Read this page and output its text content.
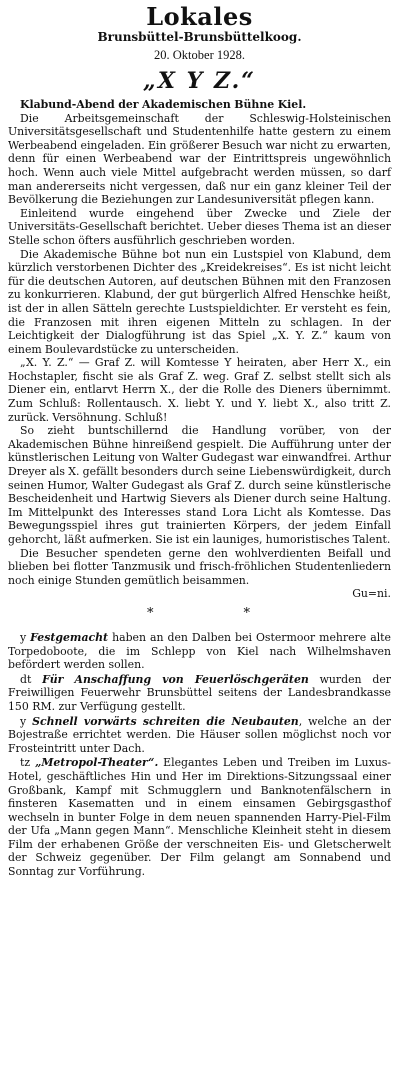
Lokales
Brunsbüttel-Brunsbüttelkoog.
20. Oktober 1928.
„X Y Z.“

Klabund-Abend der Akademischen Bühne Kiel.

Die Arbeitsgemeinschaft der Schleswig-Holsteinischen Universitätsgesellschaft und Studentenhilfe hatte gestern zu einem Werbeabend eingeladen. Ein größerer Besuch war nicht zu erwarten, denn für einen Werbeabend war der Eintrittspreis ungewöhnlich hoch. Wenn auch viele Mittel aufgebracht werden müssen, so darf man andererseits nicht vergessen, daß nur ein ganz kleiner Teil der Bevölkerung die Beziehungen zur Landesuniversität pflegen kann.

Einleitend wurde eingehend über Zwecke und Ziele der Universitäts-Gesellschaft berichtet. Ueber dieses Thema ist an dieser Stelle schon öfters ausführlich geschrieben worden.

Die Akademische Bühne bot nun ein Lustspiel von Klabund, dem kürzlich verstorbenen Dichter des „Kreidekreises“. Es ist nicht leicht für die deutschen Autoren, auf deutschen Bühnen mit den Franzosen zu konkurrieren. Klabund, der gut bürgerlich Alfred Henschke heißt, ist der in allen Sätteln gerechte Lustspieldichter. Er versteht es fein, die Franzosen mit ihren eigenen Mitteln zu schlagen. In der Leichtigkeit der Dialogführung ist das Spiel „X. Y. Z.“ kaum von einem Boulevardstücke zu unterscheiden.

„X. Y. Z.“ — Graf Z. will Komtesse Y heiraten, aber Herr X., ein Hochstapler, fischt sie als Graf Z. weg. Graf Z. selbst stellt sich als Diener ein, entlarvt Herrn X., der die Rolle des Dieners übernimmt. Zum Schluß: Rollentausch. X. liebt Y. und Y. liebt X., also tritt Z. zurück. Versöhnung. Schluß!

So zieht buntschillernd die Handlung vorüber, von der Akademischen Bühne hinreißend gespielt. Die Aufführung unter der künstlerischen Leitung von Walter Gudegast war einwandfrei. Arthur Dreyer als X. gefällt besonders durch seine Liebenswürdigkeit, durch seinen Humor, Walter Gudegast als Graf Z. durch seine künstlerische Bescheidenheit und Hartwig Sievers als Diener durch seine Haltung. Im Mittelpunkt des Interesses stand Lora Licht als Komtesse. Das Bewegungsspiel ihres gut trainierten Körpers, der jedem Einfall gehorcht, läßt aufmerken. Sie ist ein launiges, humoristisches Talent.

Die Besucher spendeten gerne den wohlverdienten Beifall und blieben bei flotter Tanzmusik und frisch-fröhlichen Studentenliedern noch einige Stunden gemütlich beisammen.

Gu=ni.

*	*

y Festgemacht haben an den Dalben bei Ostermoor mehrere alte Torpedoboote, die im Schlepp von Kiel nach Wilhelmshaven befördert werden sollen.

dt Für Anschaffung von Feuerlöschgeräten wurden der Freiwilligen Feuerwehr Brunsbüttel seitens der Landesbrandkasse 150 RM. zur Verfügung gestellt.

y Schnell vorwärts schreiten die Neubauten, welche an der Bojestraße errichtet werden. Die Häuser sollen möglichst noch vor Frosteintritt unter Dach.

tz „Metropol-Theater“. Elegantes Leben und Treiben im Luxus-Hotel, geschäftliches Hin und Her im Direktions-Sitzungssaal einer Großbank, Kampf mit Schmugglern und Banknotenfälschern in finsteren Kasematten und in einem einsamen Gebirgsgasthof wechseln in bunter Folge in dem neuen spannenden Harry-Piel-Film der Ufa „Mann gegen Mann“. Menschliche Kleinheit steht in diesem Film der erhabenen Größe der verschneiten Eis- und Gletscherwelt der Schweiz gegenüber. Der Film gelangt am Sonnabend und Sonntag zur Vorführung.
